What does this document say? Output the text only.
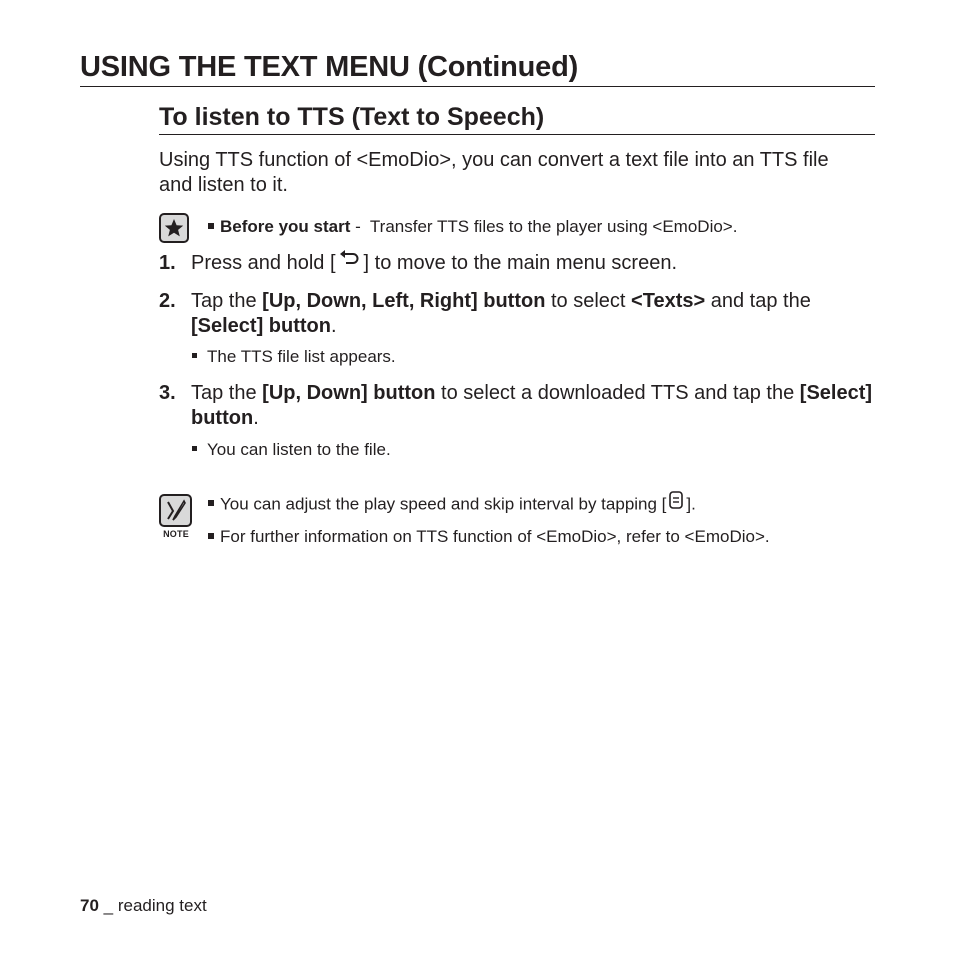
USING THE TEXT MENU (Continued)
To listen to TTS (Text to Speech)
Using TTS function of <EmoDio>, you can convert a text file into an TTS file and listen to it.
Before you start -  Transfer TTS files to the player using <EmoDio>.
1. Press and hold [ ] to move to the main menu screen.
2. Tap the [Up, Down, Left, Right] button to select <Texts> and tap the [Select] button.
The TTS file list appears.
3. Tap the [Up, Down] button to select a downloaded TTS and tap the [Select] button.
You can listen to the file.
NOTE
You can adjust the play speed and skip interval by tapping [ ].
For further information on TTS function of <EmoDio>, refer to <EmoDio>.
70 _ reading text
